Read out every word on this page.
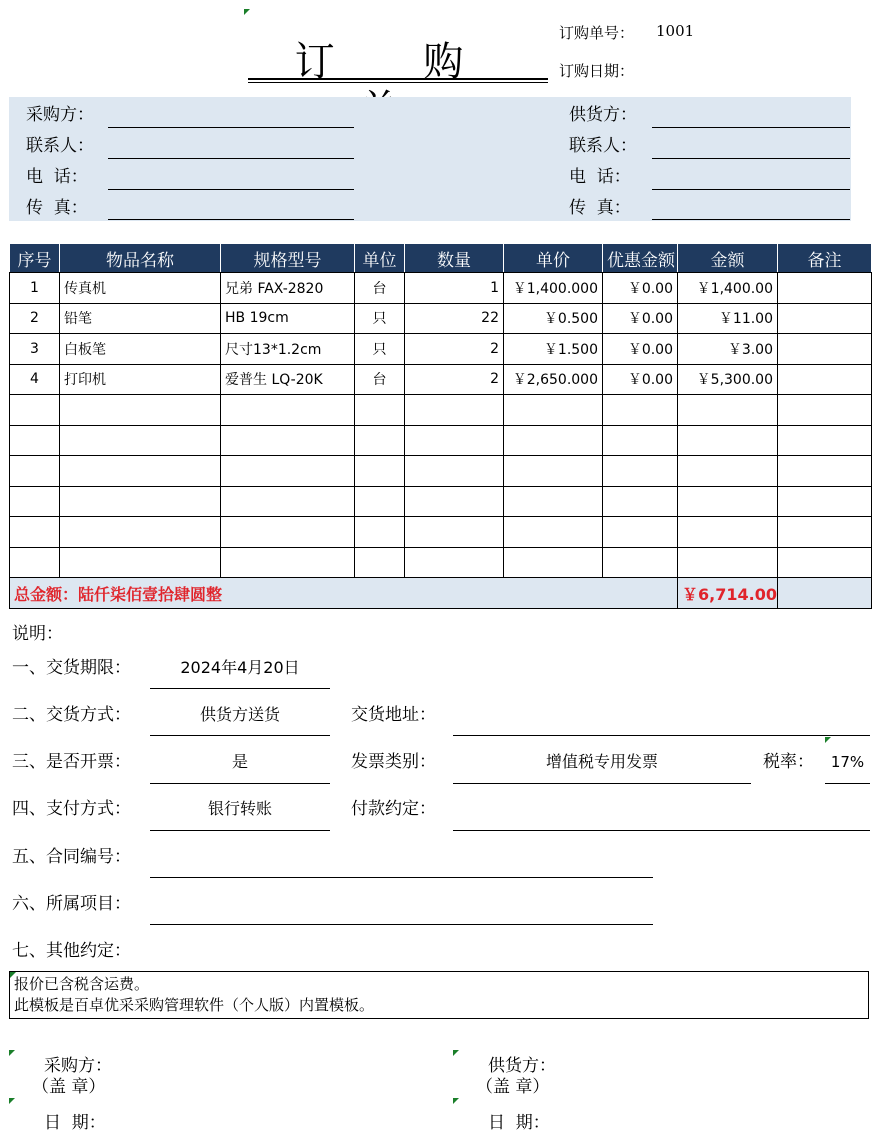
订 购
订购单号： 1001
订购日期：
采购方：
联系人：
电  话：
传  真：
供货方：
联系人：
电  话：
传  真：
序号	物品名称	规格型号	单位	数量	单价	优惠金额	金额	备注
1	传真机	兄弟 FAX-2820	台	1	￥1,400.000	￥0.00	￥1,400.00	
2	铅笔	HB 19cm	只	22	￥0.500	￥0.00	￥11.00	
3	白板笔	尺寸13*1.2cm	只	2	￥1.500	￥0.00	￥3.00	
4	打印机	爱普生 LQ-20K	台	2	￥2,650.000	￥0.00	￥5,300.00	

总金额：陆仟柒佰壹拾肆圆整							￥6,714.00	
说明：
一、交货期限：	2024年4月20日
二、交货方式：	供货方送货	交货地址：
三、是否开票：	是	发票类别：	增值税专用发票	税率：	17%
四、支付方式：	银行转账	付款约定：
五、合同编号：
六、所属项目：
七、其他约定：
报价已含税含运费。
此模板是百卓优采采购管理软件（个人版）内置模板。
采购方：
（盖 章）
日  期：
供货方：
（盖 章）
日  期：
